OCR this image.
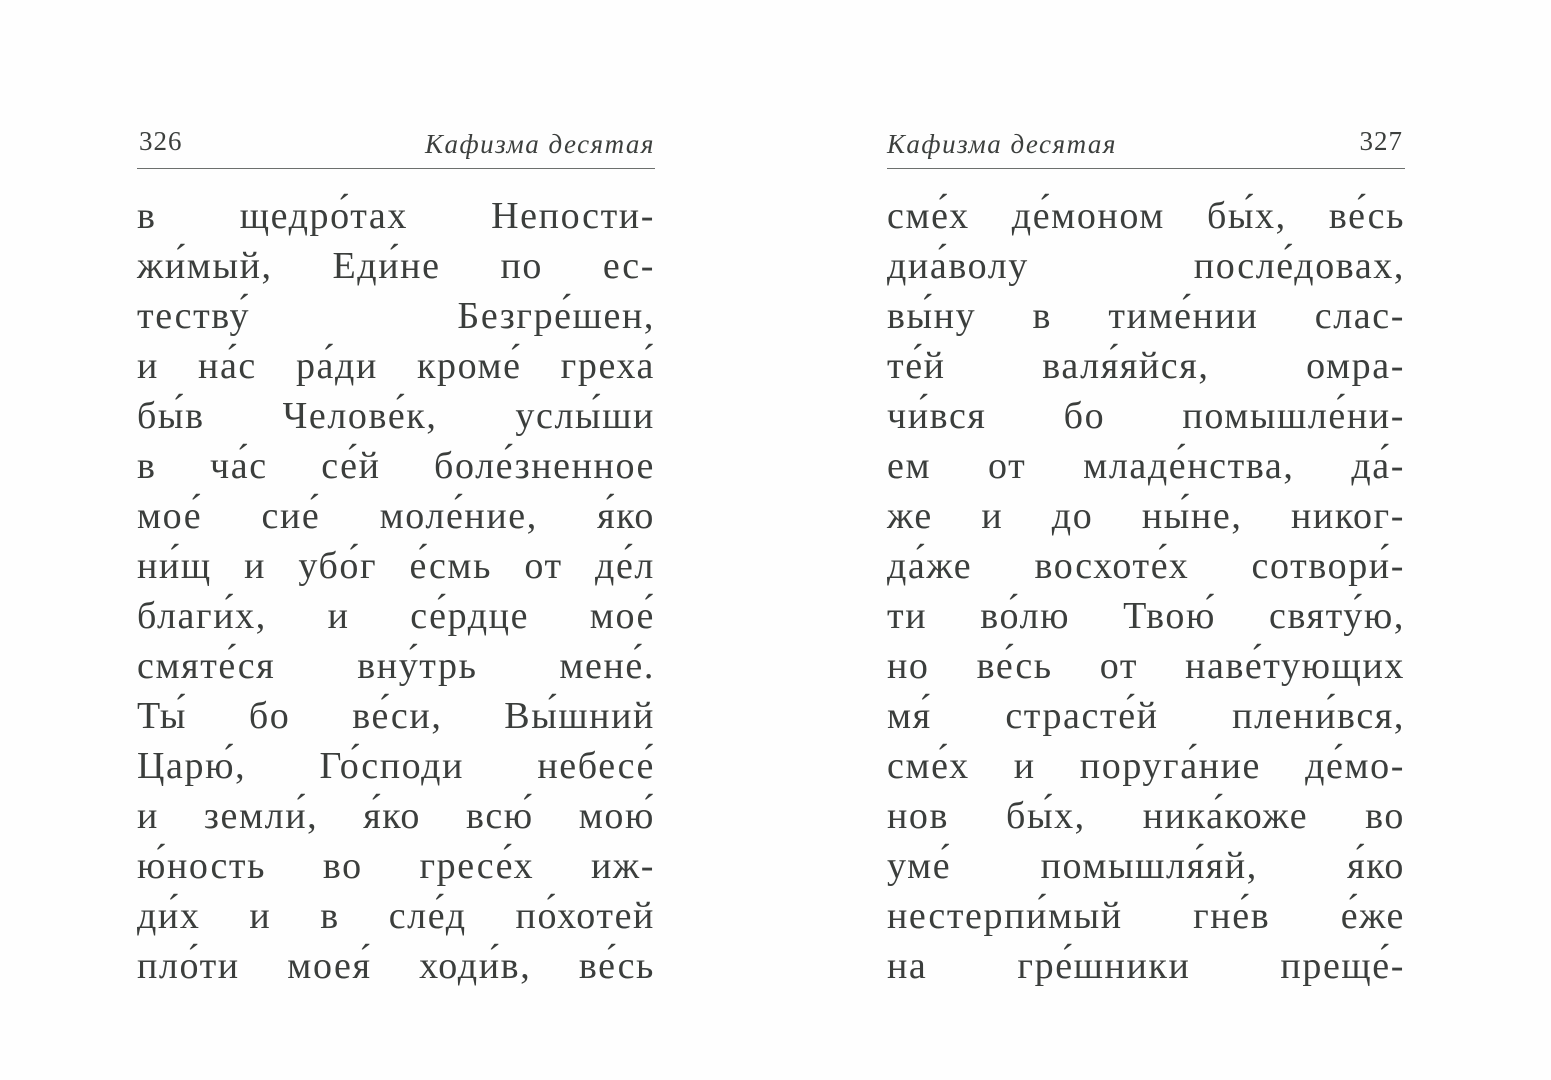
326	Кафизма десятая
в щедро́тах Непости-
жи́мый, Еди́не по ес-
теству́ Безгре́шен,
и на́с ра́ди кроме́ греха́
бы́в Челове́к, услы́ши
в ча́с се́й боле́зненное
мое́ сие́ моле́ние, я́ко
ни́щ и убо́г е́смь от де́л
благи́х, и се́рдце мое́
смяте́ся вну́трь мене́.
Ты́ бо ве́си, Вы́шний
Царю́, Го́споди небесе́
и земли́, я́ко всю́ мою́
ю́ность во гресе́х иж-
ди́х и в сле́д по́хотей
пло́ти моея́ ходи́в, ве́сь
Кафизма десятая	327
сме́х де́моном бы́х, ве́сь
диа́волу после́довах,
вы́ну в тиме́нии слас-
те́й валя́яйся, омра-
чи́вся бо помышле́ни-
ем от младе́нства, да́-
же и до ны́не, никог-
да́же восхоте́х сотвори́-
ти во́лю Твою́ святу́ю,
но ве́сь от наве́тующих
мя́ страсте́й плени́вся,
сме́х и поруга́ние де́мо-
нов бы́х, ника́коже во
уме́ помышля́яй, я́ко
нестерпи́мый гне́в е́же
на гре́шники преще́-
